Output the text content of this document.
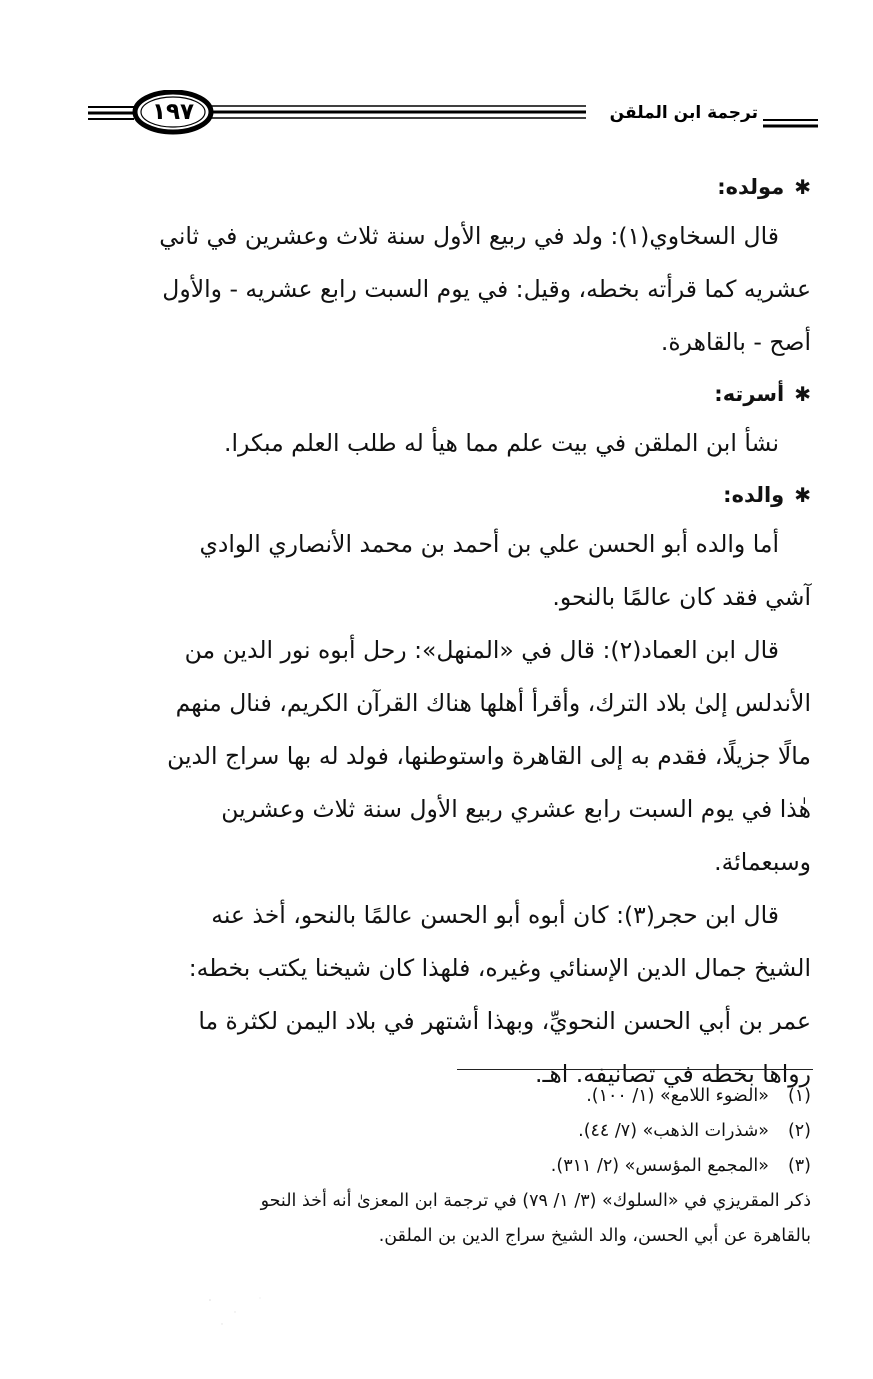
١٩٧	ترجمة ابن الملقن
✱مولده:
قال السخاوي(١): ولد في ربيع الأول سنة ثلاث وعشرين في ثاني
عشريه كما قرأته بخطه، وقيل: في يوم السبت رابع عشريه - والأول
أصح - بالقاهرة.
✱أسرته:
نشأ ابن الملقن في بيت علم مما هيأ له طلب العلم مبكرا.
✱والده:
أما والده أبو الحسن علي بن أحمد بن محمد الأنصاري الوادي
آشي فقد كان عالمًا بالنحو.
قال ابن العماد(٢): قال في «المنهل»: رحل أبوه نور الدين من
الأندلس إلىٰ بلاد الترك، وأقرأ أهلها هناك القرآن الكريم، فنال منهم
مالًا جزيلًا، فقدم به إلى القاهرة واستوطنها، فولد له بها سراج الدين
هٰذا في يوم السبت رابع عشري ربيع الأول سنة ثلاث وعشرين
وسبعمائة.
قال ابن حجر(٣): كان أبوه أبو الحسن عالمًا بالنحو، أخذ عنه
الشيخ جمال الدين الإسنائي وغيره، فلهذا كان شيخنا يكتب بخطه:
عمر بن أبي الحسن النحويِّ، وبهذا أشتهر في بلاد اليمن لكثرة ما
رواها بخطه في تصانيفه. اهـ.
(١)«الضوء اللامع» (١/ ١٠٠).
(٢)«شذرات الذهب» (٧/ ٤٤).
(٣)«المجمع المؤسس» (٢/ ٣١١).
ذكر المقريزي في «السلوك» (٣/ ١/ ٧٩) في ترجمة ابن المعزىٰ أنه أخذ النحو
بالقاهرة عن أبي الحسن، والد الشيخ سراج الدين بن الملقن.
